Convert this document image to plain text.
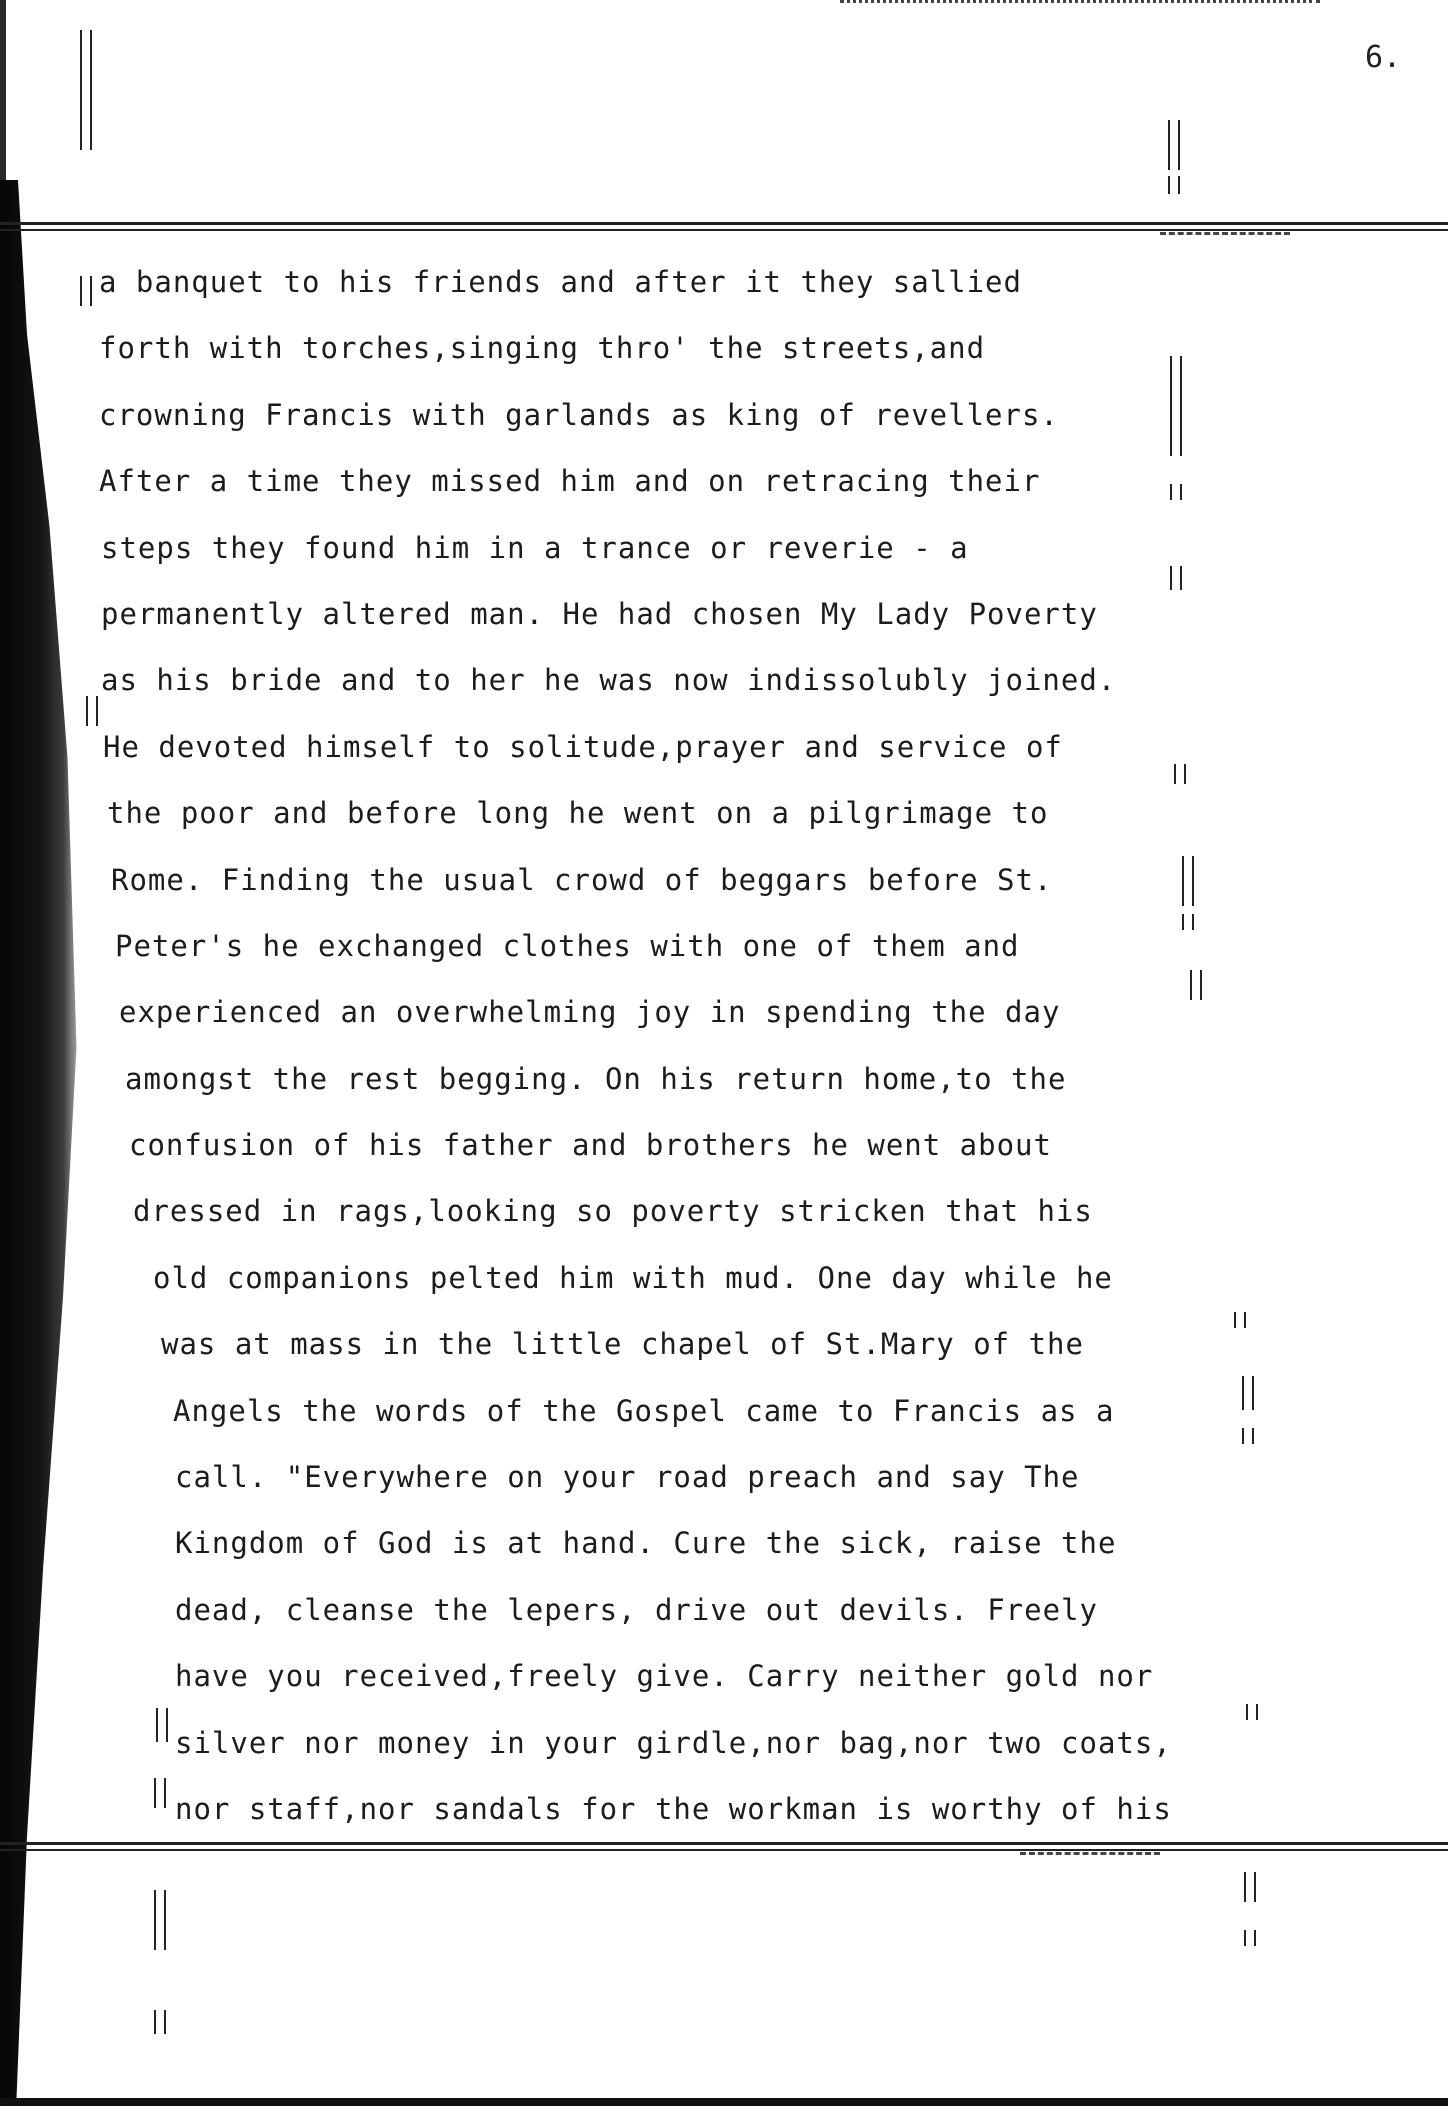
6.
a banquet to his friends and after it they sallied
forth with torches,singing thro' the streets,and
crowning Francis with garlands as king of revellers.
After a time they missed him and on retracing their
steps they found him in a trance or reverie - a
permanently altered man. He had chosen My Lady Poverty
as his bride and to her he was now indissolubly joined.
He devoted himself to solitude,prayer and service of
the poor and before long he went on a pilgrimage to
Rome. Finding the usual crowd of beggars before St.
Peter's he exchanged clothes with one of them and
experienced an overwhelming joy in spending the day
amongst the rest begging. On his return home,to the
confusion of his father and brothers he went about
dressed in rags,looking so poverty stricken that his
old companions pelted him with mud. One day while he
was at mass in the little chapel of St.Mary of the
Angels the words of the Gospel came to Francis as a
call. "Everywhere on your road preach and say The
Kingdom of God is at hand. Cure the sick, raise the
dead, cleanse the lepers, drive out devils. Freely
have you received,freely give. Carry neither gold nor
silver nor money in your girdle,nor bag,nor two coats,
nor staff,nor sandals for the workman is worthy of his
